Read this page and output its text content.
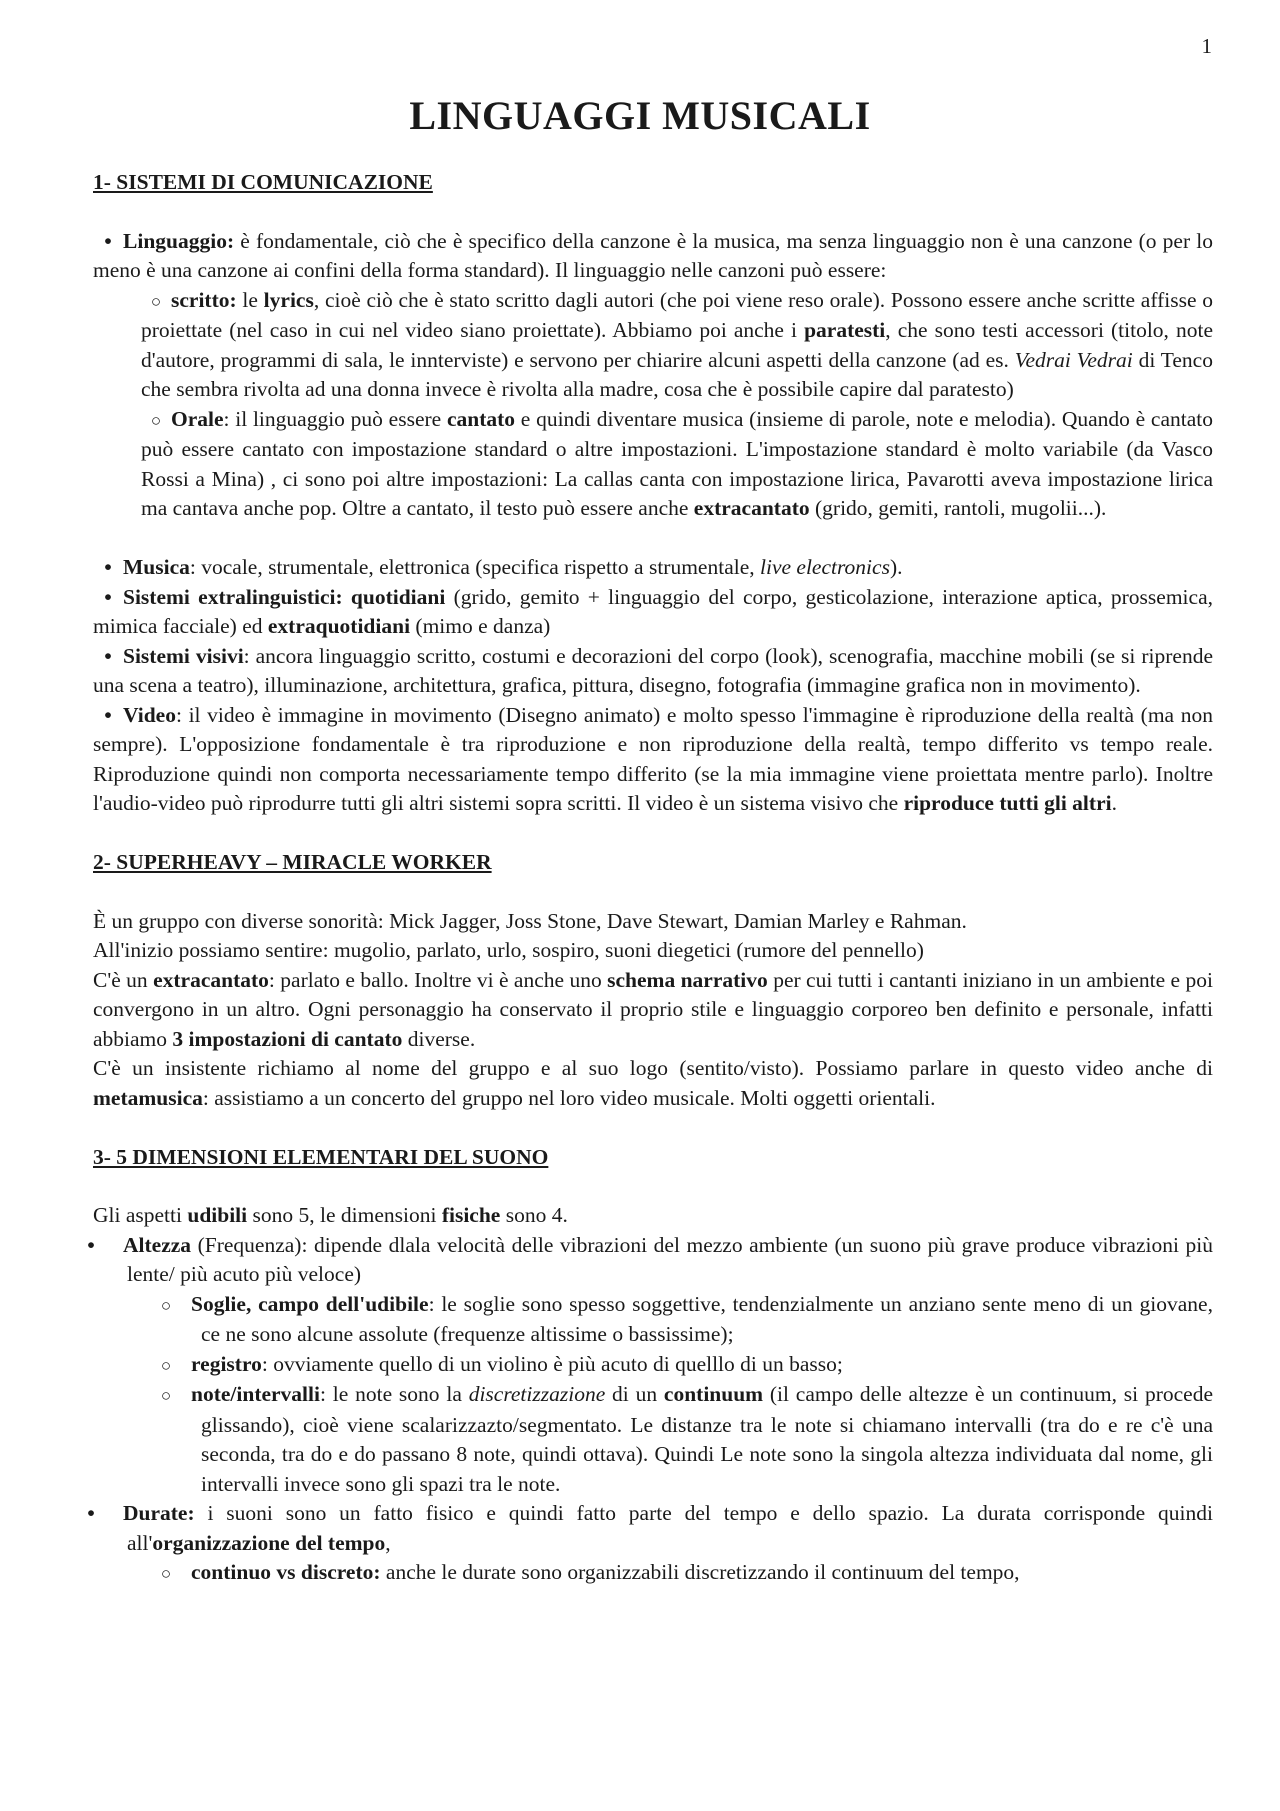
1
LINGUAGGI MUSICALI

1- SISTEMI DI COMUNICAZIONE

• Linguaggio: è fondamentale, ciò che è specifico della canzone è la musica, ma senza linguaggio non è una canzone (o per lo meno è una canzone ai confini della forma standard). Il linguaggio nelle canzoni può essere:

○ scritto: le lyrics, cioè ciò che è stato scritto dagli autori (che poi viene reso orale). Possono essere anche scritte affisse o proiettate (nel caso in cui nel video siano proiettate). Abbiamo poi anche i paratesti, che sono testi accessori (titolo, note d'autore, programmi di sala, le innterviste) e servono per chiarire alcuni aspetti della canzone (ad es. Vedrai Vedrai di Tenco che sembra rivolta ad una donna invece è rivolta alla madre, cosa che è possibile capire dal paratesto)

○ Orale: il linguaggio può essere cantato e quindi diventare musica (insieme di parole, note e melodia). Quando è cantato può essere cantato con impostazione standard o altre impostazioni. L'impostazione standard è molto variabile (da Vasco Rossi a Mina) , ci sono poi altre impostazioni: La callas canta con impostazione lirica, Pavarotti aveva impostazione lirica ma cantava anche pop. Oltre a cantato, il testo può essere anche extracantato (grido, gemiti, rantoli, mugolii...).

• Musica: vocale, strumentale, elettronica (specifica rispetto a strumentale, live electronics).

• Sistemi extralinguistici: quotidiani (grido, gemito + linguaggio del corpo, gesticolazione, interazione aptica, prossemica, mimica facciale) ed extraquotidiani (mimo e danza)

• Sistemi visivi: ancora linguaggio scritto, costumi e decorazioni del corpo (look), scenografia, macchine mobili (se si riprende una scena a teatro), illuminazione, architettura, grafica, pittura, disegno, fotografia (immagine grafica non in movimento).

• Video: il video è immagine in movimento (Disegno animato) e molto spesso l'immagine è riproduzione della realtà (ma non sempre). L'opposizione fondamentale è tra riproduzione e non riproduzione della realtà, tempo differito vs tempo reale. Riproduzione quindi non comporta necessariamente tempo differito (se la mia immagine viene proiettata mentre parlo). Inoltre l'audio-video può riprodurre tutti gli altri sistemi sopra scritti. Il video è un sistema visivo che riproduce tutti gli altri.

2- SUPERHEAVY – MIRACLE WORKER

È un gruppo con diverse sonorità: Mick Jagger, Joss Stone, Dave Stewart, Damian Marley e Rahman.

All'inizio possiamo sentire: mugolio, parlato, urlo, sospiro, suoni diegetici (rumore del pennello)

C'è un extracantato: parlato e ballo. Inoltre vi è anche uno schema narrativo per cui tutti i cantanti iniziano in un ambiente e poi convergono in un altro. Ogni personaggio ha conservato il proprio stile e linguaggio corporeo ben definito e personale, infatti abbiamo 3 impostazioni di cantato diverse.

C'è un insistente richiamo al nome del gruppo e al suo logo (sentito/visto). Possiamo parlare in questo video anche di metamusica: assistiamo a un concerto del gruppo nel loro video musicale. Molti oggetti orientali.

3- 5 DIMENSIONI ELEMENTARI DEL SUONO

Gli aspetti udibili sono 5, le dimensioni fisiche sono 4.

• Altezza (Frequenza): dipende dlala velocità delle vibrazioni del mezzo ambiente (un suono più grave produce vibrazioni più lente/ più acuto più veloce)

○ Soglie, campo dell'udibile: le soglie sono spesso soggettive, tendenzialmente un anziano sente meno di un giovane, ce ne sono alcune assolute (frequenze altissime o bassissime);

○ registro: ovviamente quello di un violino è più acuto di quelllo di un basso;

○ note/intervalli: le note sono la discretizzazione di un continuum (il campo delle altezze è un continuum, si procede glissando), cioè viene scalarizzazto/segmentato. Le distanze tra le note si chiamano intervalli (tra do e re c'è una seconda, tra do e do passano 8 note, quindi ottava). Quindi Le note sono la singola altezza individuata dal nome, gli intervalli invece sono gli spazi tra le note.

• Durate: i suoni sono un fatto fisico e quindi fatto parte del tempo e dello spazio. La durata corrisponde quindi all'organizzazione del tempo,

○ continuo vs discreto: anche le durate sono organizzabili discretizzando il continuum del tempo,
